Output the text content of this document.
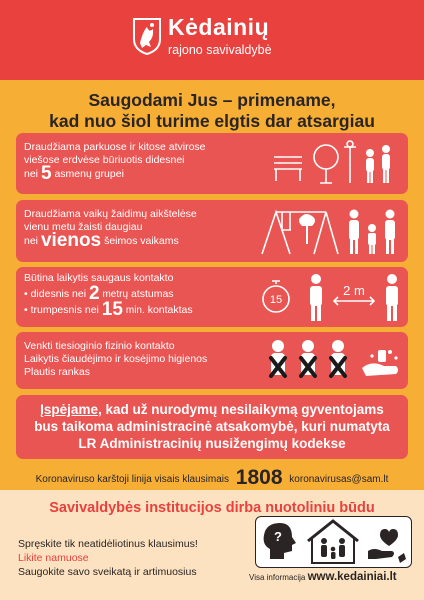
Kėdainių
rajono savivaldybė
Saugodami Jus – primename,
kad nuo šiol turime elgtis dar atsargiau
Draudžiama parkuose ir kitose atvirose
viešose erdvėse būriuotis didesnei
nei 5 asmenų grupei
Draudžiama vaikų žaidimų aikštelėse
vienu metu žaisti daugiau
nei vienos šeimos vaikams
Būtina laikytis saugaus kontakto
• didesnis nei 2 metrų atstumas
• trumpesnis nei 15 min. kontaktas
15
2 m
Venkti tiesioginio fizinio kontakto
Laikytis čiaudėjimo ir kosėjimo higienos
Plautis rankas
Įspėjame, kad už nurodymų nesilaikymą gyventojams
bus taikoma administracinė atsakomybė, kuri numatyta
LR Administracinių nusižengimų kodekse
Koronaviruso karštoji linija visais klausimais 1808 koronavirusas@sam.lt
Savivaldybės institucijos dirba nuotoliniu būdu
Spręskite tik neatidėliotinus klausimus!
Likite namuose
Saugokite savo sveikatą ir artimuosius
?
Visa informacija www.kedainiai.lt
